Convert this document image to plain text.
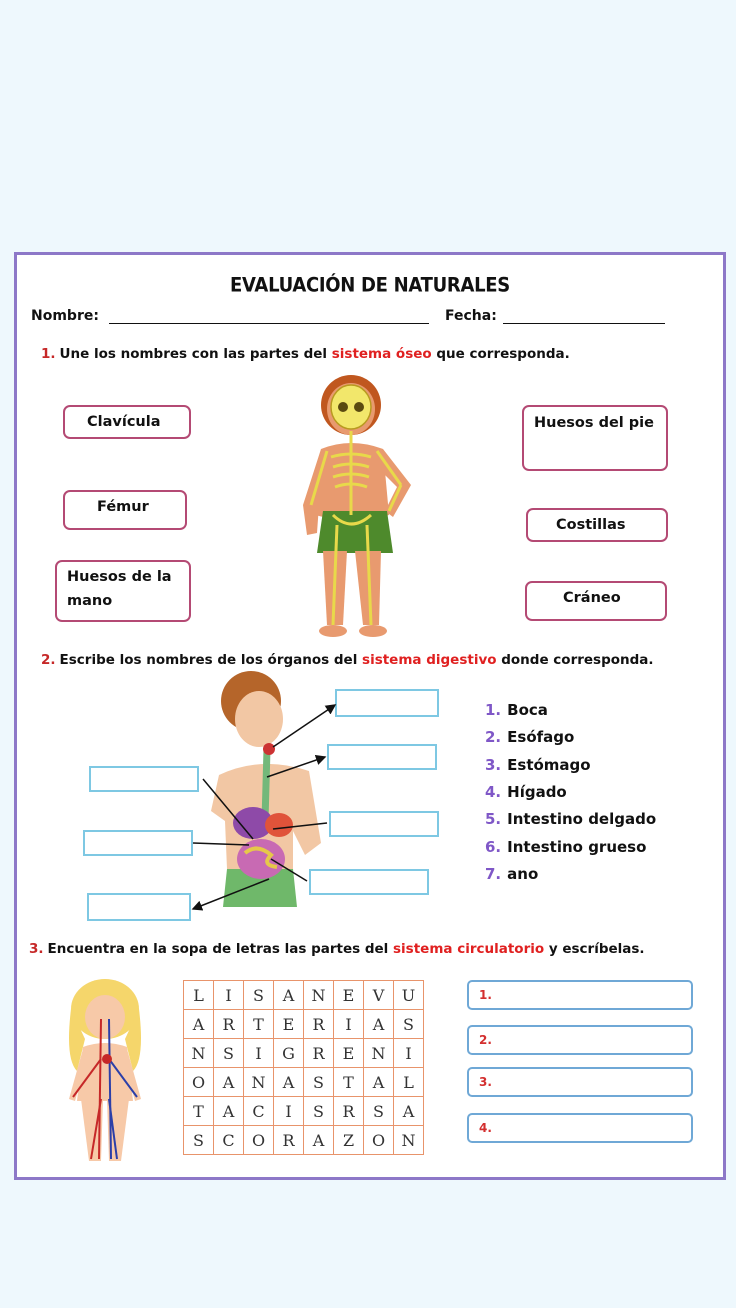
EVALUACIÓN DE NATURALES
Nombre:	Fecha:
1. Une los nombres con las partes del sistema óseo que corresponda.
Clavícula
Fémur
Huesos de la mano
Huesos del pie
Costillas
Cráneo
2. Escribe los nombres de los órganos del sistema digestivo donde corresponda.
1. Boca
2. Esófago
3. Estómago
4. Hígado
5. Intestino delgado
6. Intestino grueso
7. ano
3. Encuentra en la sopa de letras las partes del sistema circulatorio y escríbelas.
L	I	S	A	N	E	V	U
A	R	T	E	R	I	A	S
N	S	I	G	R	E	N	I
O	A	N	A	S	T	A	L
T	A	C	I	S	R	S	A
S	C	O	R	A	Z	O	N
1.
2.
3.
4.
